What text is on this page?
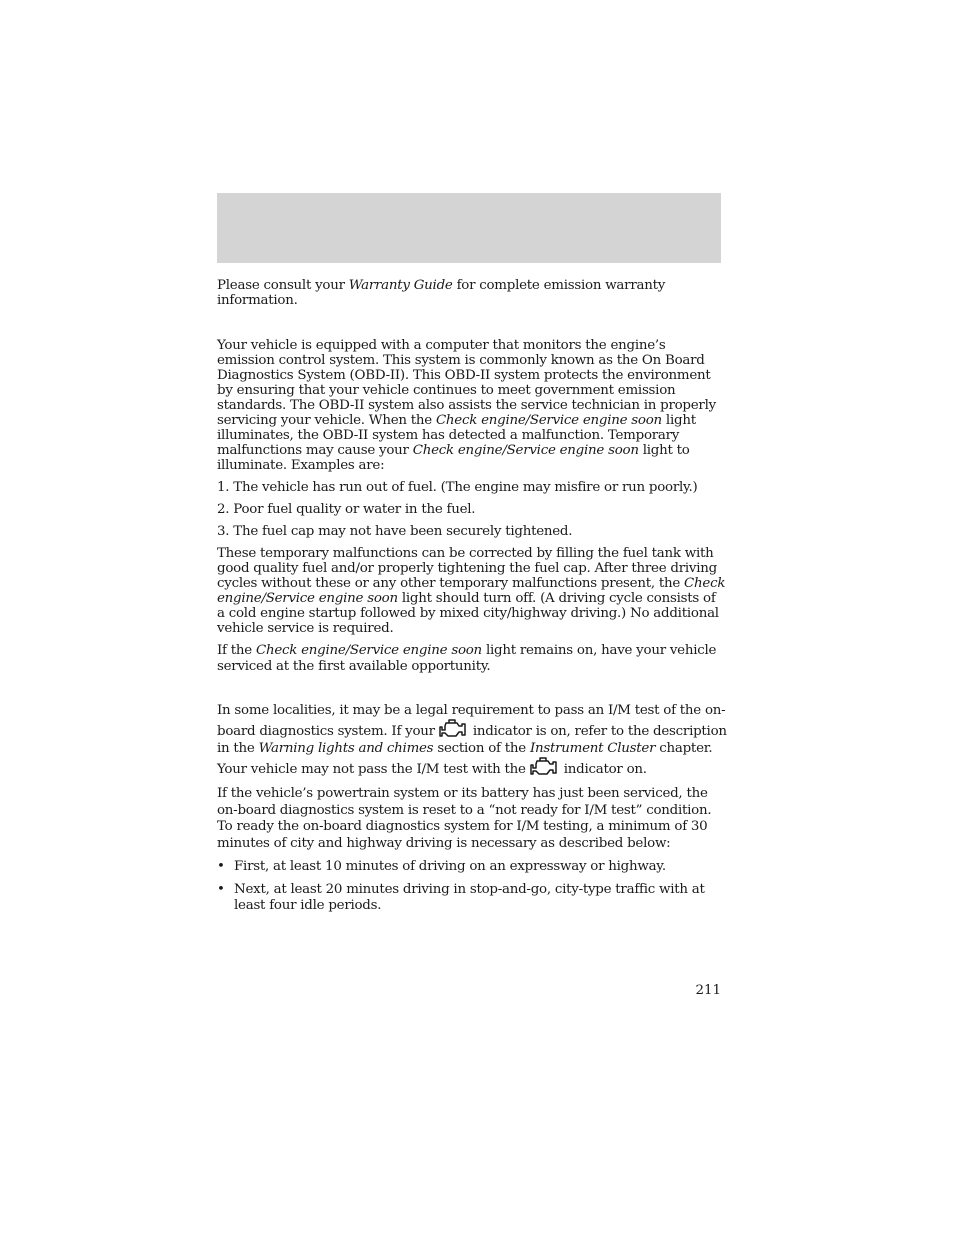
Please consult your Warranty Guide for complete emission warranty information.

Your vehicle is equipped with a computer that monitors the engine’s emission control system. This system is commonly known as the On Board Diagnostics System (OBD-II). This OBD-II system protects the environment by ensuring that your vehicle continues to meet government emission standards. The OBD-II system also assists the service technician in properly servicing your vehicle. When the Check engine/Service engine soon light illuminates, the OBD-II system has detected a malfunction. Temporary malfunctions may cause your Check engine/Service engine soon light to illuminate. Examples are:

1. The vehicle has run out of fuel. (The engine may misfire or run poorly.)

2. Poor fuel quality or water in the fuel.

3. The fuel cap may not have been securely tightened.

These temporary malfunctions can be corrected by filling the fuel tank with good quality fuel and/or properly tightening the fuel cap. After three driving cycles without these or any other temporary malfunctions present, the Check engine/Service engine soon light should turn off. (A driving cycle consists of a cold engine startup followed by mixed city/highway driving.) No additional vehicle service is required.

If the Check engine/Service engine soon light remains on, have your vehicle serviced at the first available opportunity.

In some localities, it may be a legal requirement to pass an I/M test of the on-board diagnostics system. If your	indicator is on, refer to the description in the Warning lights and chimes section of the Instrument Cluster chapter. Your vehicle may not pass the I/M test with the	indicator on.

If the vehicle’s powertrain system or its battery has just been serviced, the on-board diagnostics system is reset to a “not ready for I/M test” condition. To ready the on-board diagnostics system for I/M testing, a minimum of 30 minutes of city and highway driving is necessary as described below:

• First, at least 10 minutes of driving on an expressway or highway.

• Next, at least 20 minutes driving in stop-and-go, city-type traffic with at least four idle periods.

211
